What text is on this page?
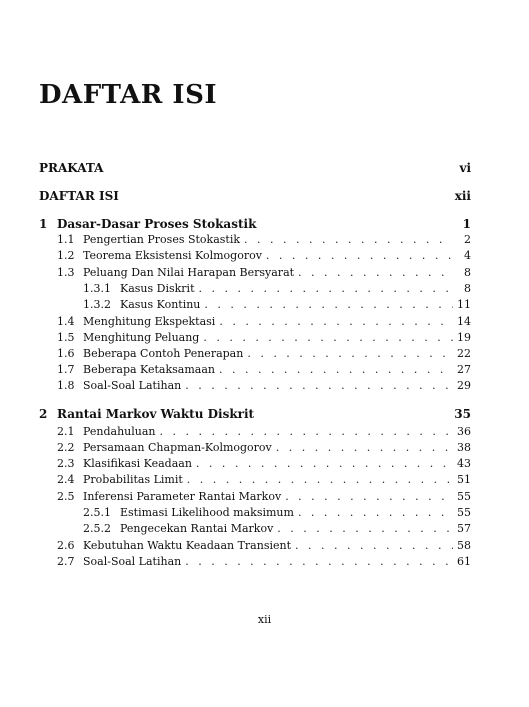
DAFTAR ISI
PRAKATA	vi
DAFTAR ISI	xii
1 Dasar-Dasar Proses Stokastik	1
1.1 Pengertian Proses Stokastik . . .	2
1.2 Teorema Eksistensi Kolmogorov . . .	4
1.3 Peluang Dan Nilai Harapan Bersyarat . . .	8
1.3.1 Kasus Diskrit . . .	8
1.3.2 Kasus Kontinu . . .	11
1.4 Menghitung Ekspektasi . . .	14
1.5 Menghitung Peluang . . .	19
1.6 Beberapa Contoh Penerapan . . .	22
1.7 Beberapa Ketaksamaan . . .	27
1.8 Soal-Soal Latihan . . .	29
2 Rantai Markov Waktu Diskrit	35
2.1 Pendahuluan . . .	36
2.2 Persamaan Chapman-Kolmogorov . . .	38
2.3 Klasifikasi Keadaan . . .	43
2.4 Probabilitas Limit . . .	51
2.5 Inferensi Parameter Rantai Markov . . .	55
2.5.1 Estimasi Likelihood maksimum . . .	55
2.5.2 Pengecekan Rantai Markov . . .	57
2.6 Kebutuhan Waktu Keadaan Transient . . .	58
2.7 Soal-Soal Latihan . . .	61
xii
